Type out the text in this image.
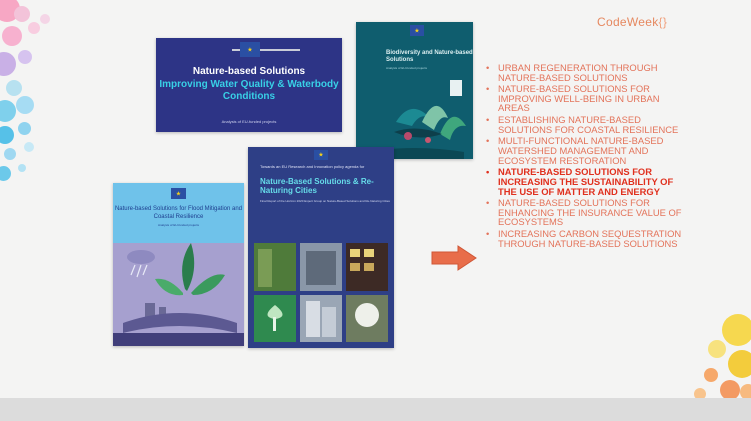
CodeWeek{}
★
Nature-based Solutions
Improving Water Quality & Waterbody Conditions
Analysis of EU-funded projects
★
Biodiversity and Nature-based Solutions
Analysis of EU-funded projects
★
Nature-based Solutions for Flood Mitigation and Coastal Resilience
Analysis of EU-funded projects
★
Towards an EU Research and Innovation policy agenda for
Nature-Based Solutions & Re-Naturing Cities
Final Report of the Horizon 2020 Expert Group on Nature-Based Solutions and Re-Naturing Cities
• URBAN REGENERATION THROUGH NATURE-BASED SOLUTIONS
• NATURE-BASED SOLUTIONS FOR IMPROVING WELL-BEING IN URBAN AREAS
• ESTABLISHING NATURE-BASED SOLUTIONS FOR COASTAL RESILIENCE
• MULTI-FUNCTIONAL NATURE-BASED WATERSHED MANAGEMENT AND ECOSYSTEM RESTORATION
• NATURE-BASED SOLUTIONS FOR INCREASING THE SUSTAINABILITY OF THE USE OF MATTER AND ENERGY
• NATURE-BASED SOLUTIONS FOR ENHANCING THE INSURANCE VALUE OF ECOSYSTEMS
• INCREASING CARBON SEQUESTRATION THROUGH NATURE-BASED SOLUTIONS
